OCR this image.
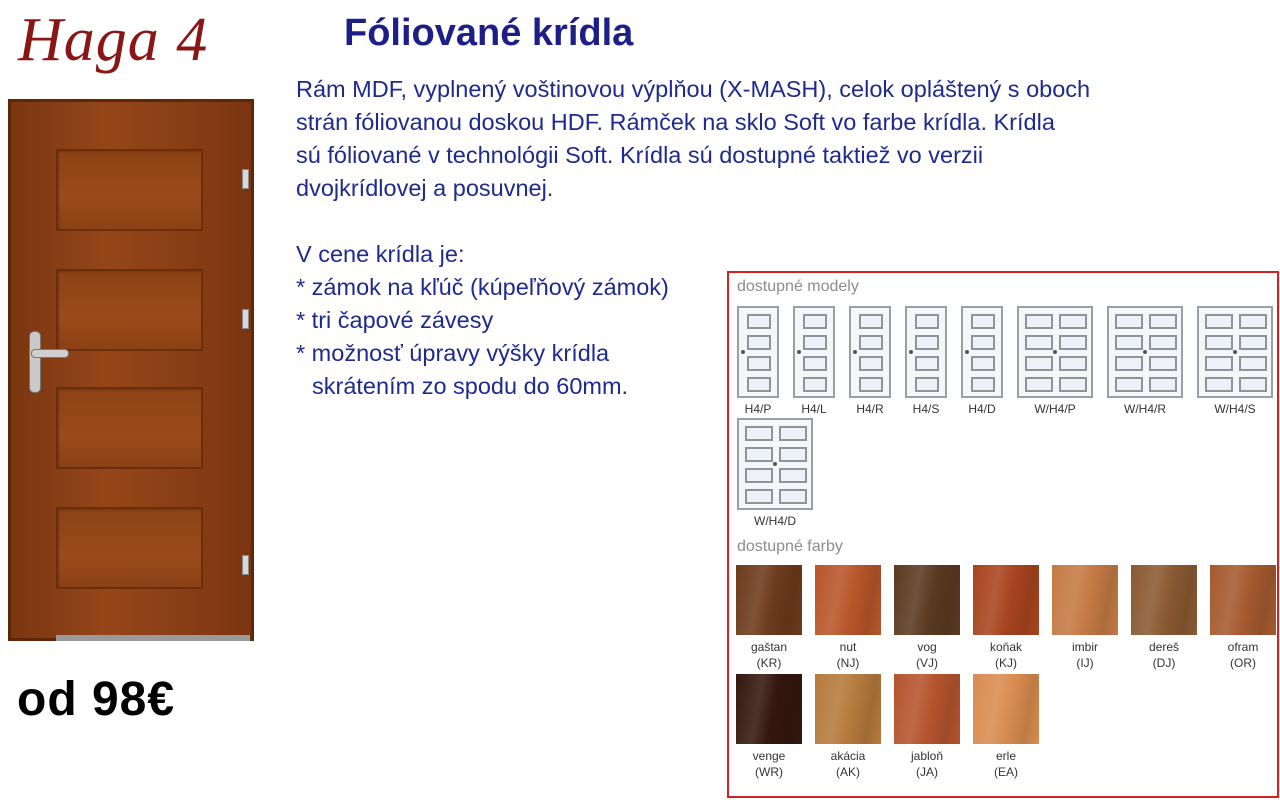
Haga 4
od 98€
Fóliované krídla

Rám MDF, vyplnený voštinovou výplňou (X-MASH), celok opláštený s oboch

strán fóliovanou doskou HDF. Rámček na sklo Soft vo farbe krídla. Krídla

sú fóliované v technológii Soft. Krídla sú dostupné taktiež vo verzii

dvojkrídlovej a posuvnej.

V cene krídla je:

* zámok na kľúč (kúpeľňový zámok)

* tri čapové závesy

* možnosť úpravy výšky krídla

skrátením zo spodu do 60mm.

dostupné modely
H4/P	H4/L	H4/R	H4/S	H4/D	W/H4/P	W/H4/R	W/H4/S
W/H4/D
dostupné farby
gaštan
(KR)
nut
(NJ)
vog
(VJ)
koňak
(KJ)
imbir
(IJ)
dereš
(DJ)
ofram
(OR)
venge
(WR)
akácia
(AK)
jabloň
(JA)
erle
(EA)
